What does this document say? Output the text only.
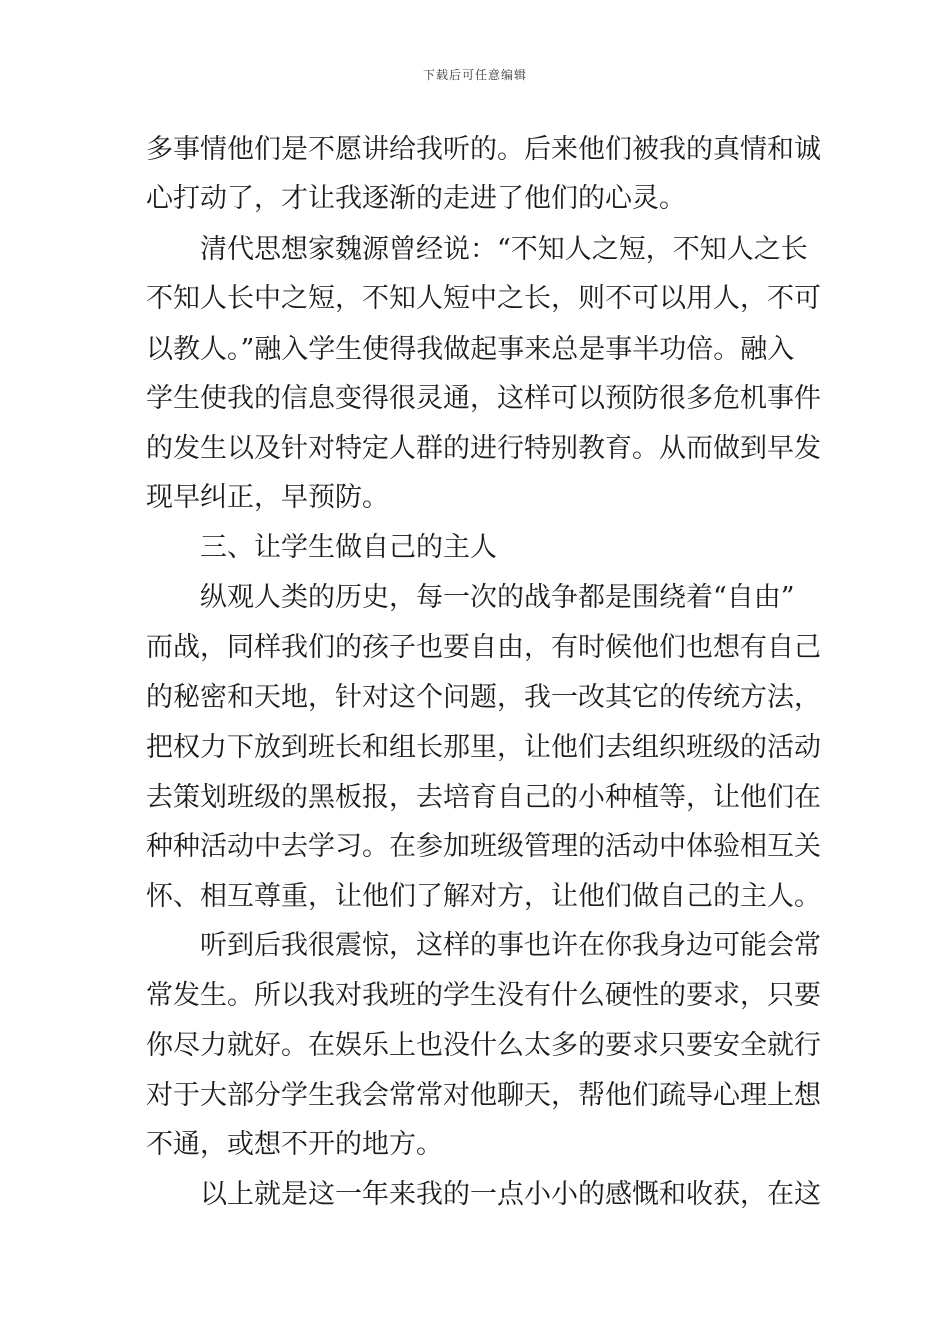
下载后可任意编辑
多事情他们是不愿讲给我听的。后来他们被我的真情和诚
心打动了，才让我逐渐的走进了他们的心灵。
　　清代思想家魏源曾经说：“不知人之短，不知人之长
不知人长中之短，不知人短中之长，则不可以用人，不可
以教人。”融入学生使得我做起事来总是事半功倍。融入
学生使我的信息变得很灵通，这样可以预防很多危机事件
的发生以及针对特定人群的进行特别教育。从而做到早发
现早纠正，早预防。
　　三、让学生做自己的主人
　　纵观人类的历史，每一次的战争都是围绕着“自由”
而战，同样我们的孩子也要自由，有时候他们也想有自己
的秘密和天地，针对这个问题，我一改其它的传统方法，
把权力下放到班长和组长那里，让他们去组织班级的活动
去策划班级的黑板报，去培育自己的小种植等，让他们在
种种活动中去学习。在参加班级管理的活动中体验相互关
怀、相互尊重，让他们了解对方，让他们做自己的主人。
　　听到后我很震惊，这样的事也许在你我身边可能会常
常发生。所以我对我班的学生没有什么硬性的要求，只要
你尽力就好。在娱乐上也没什么太多的要求只要安全就行
对于大部分学生我会常常对他聊天，帮他们疏导心理上想
不通，或想不开的地方。
　　以上就是这一年来我的一点小小的感慨和收获，在这
